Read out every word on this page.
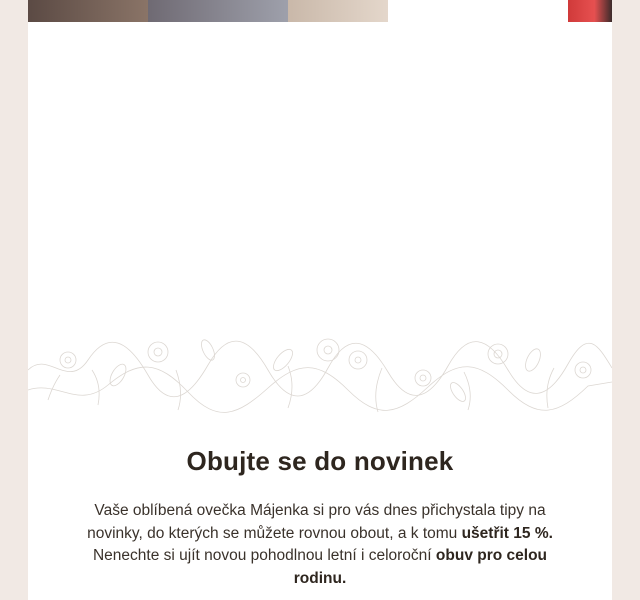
Obujte se do novinek

Vaše oblíbená ovečka Májenka si pro vás dnes přichystala tipy na novinky, do kterých se můžete rovnou obout, a k tomu ušetřit 15 %. Nenechte si ujít novou pohodlnou letní i celoroční obuv pro celou rodinu.
